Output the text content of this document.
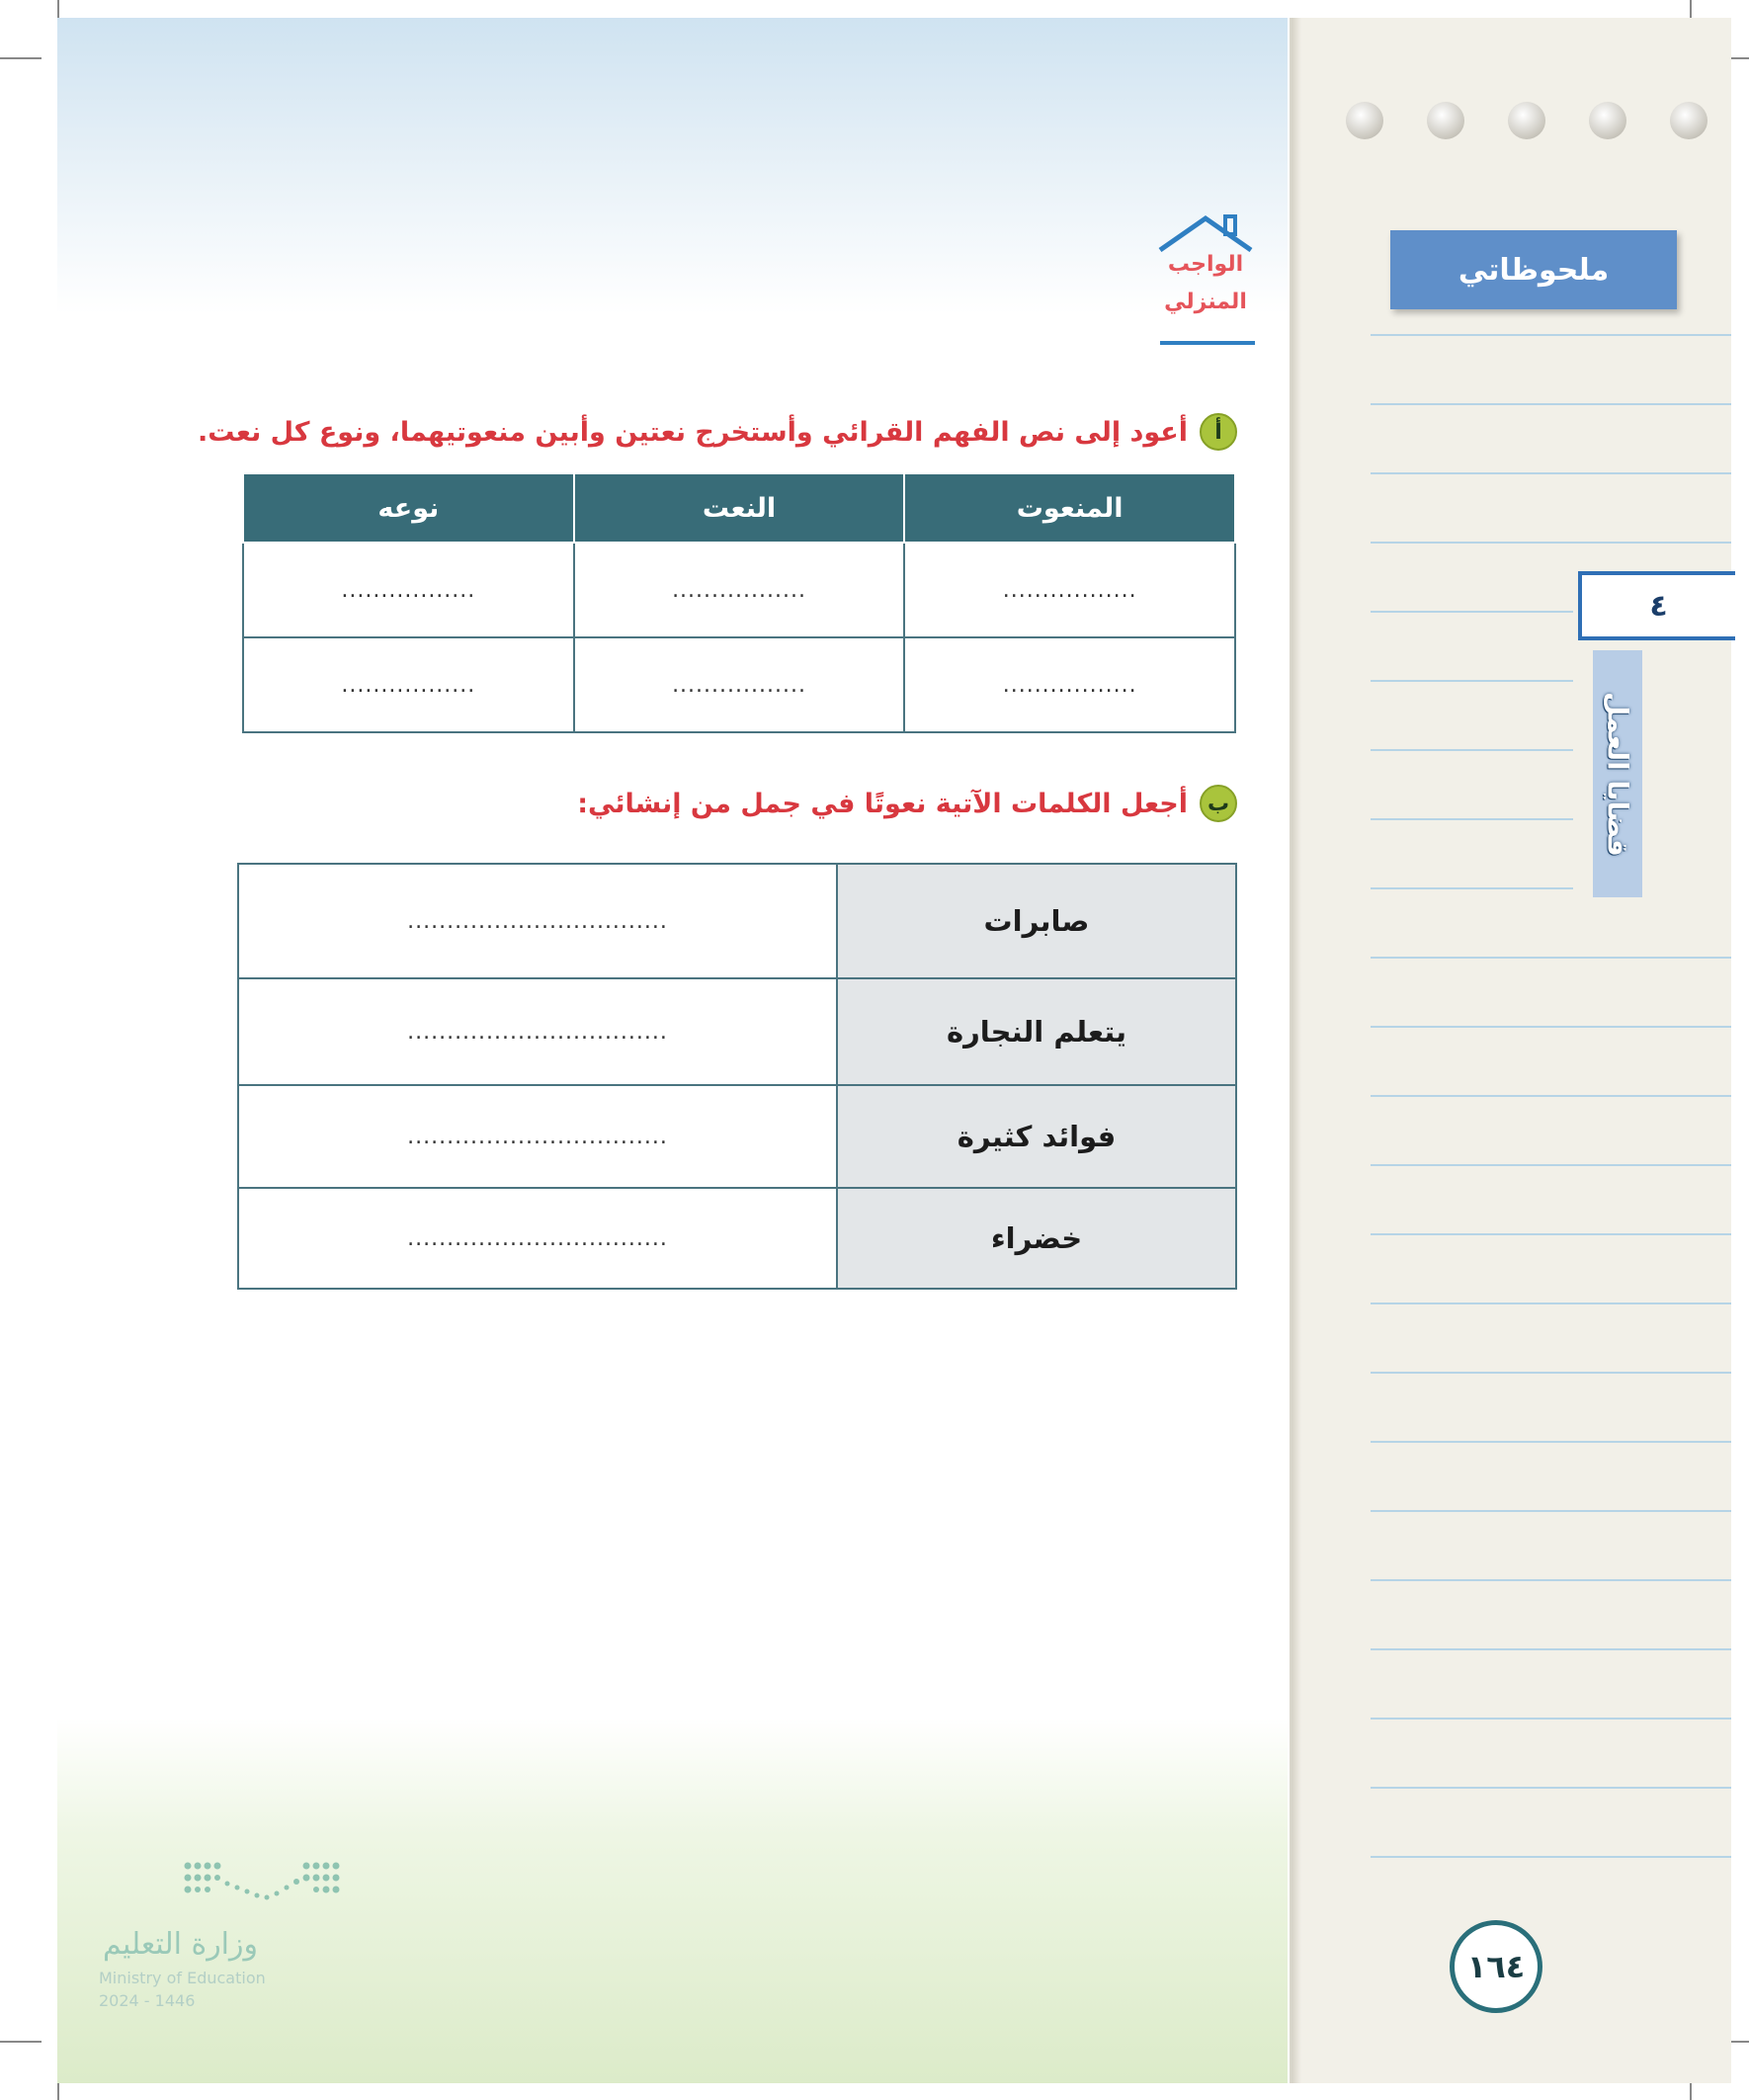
ملحوظاتي
٤
قضايا العمل
١٦٤
الواجب
المنزلي
أ
أعود إلى نص الفهم القرائي وأستخرج نعتين وأبين منعوتيهما، ونوع كل نعت.
المنعوت	النعت	نوعه
.................	.................	.................
.................	.................	.................
ب
أجعل الكلمات الآتية نعوتًا في جمل من إنشائي:
صابرات	.................................
يتعلم النجارة	.................................
فوائد كثيرة	.................................
خضراء	.................................
وزارة التعليم
Ministry of Education
2024 - 1446
